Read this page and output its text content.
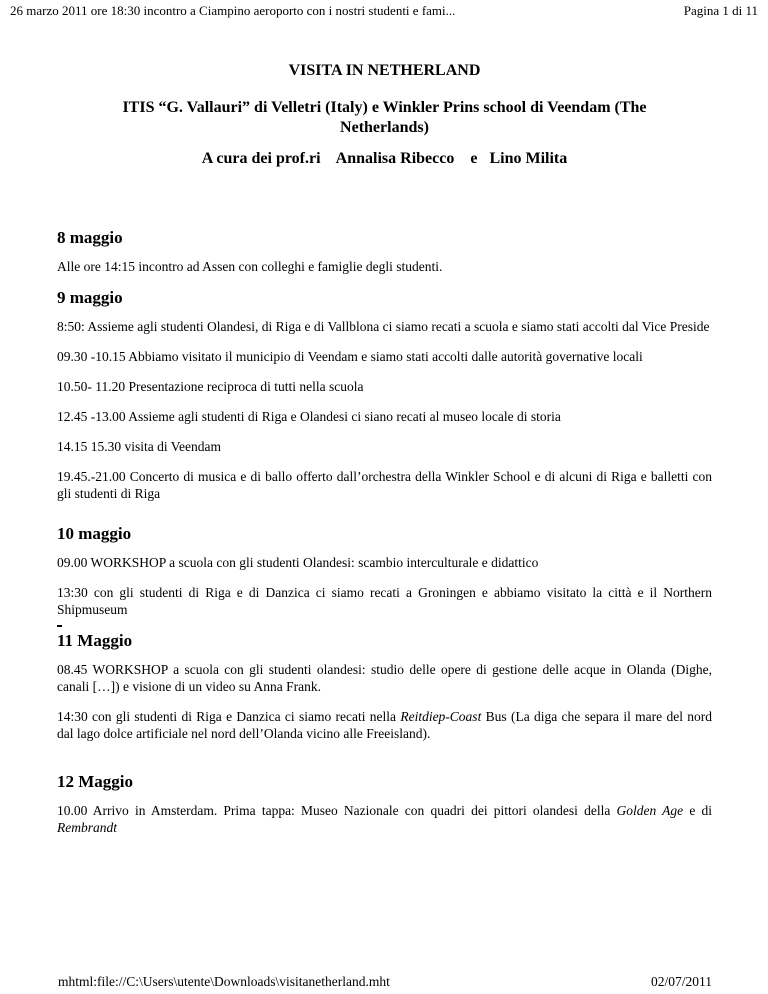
26 marzo 2011 ore 18:30 incontro a Ciampino aeroporto con i nostri studenti e fami...	Pagina 1 di 11
VISITA IN NETHERLAND
ITIS “G. Vallauri” di Velletri (Italy) e Winkler Prins school di Veendam (The
Netherlands)

A cura dei prof.ri    Annalisa Ribecco    e   Lino Milita

8 maggio

Alle ore 14:15 incontro ad Assen con colleghi e famiglie degli studenti.

9 maggio

8:50: Assieme agli studenti Olandesi, di Riga e di Vallblona ci siamo recati a scuola e siamo stati accolti dal Vice Preside

09.30 -10.15 Abbiamo visitato il municipio di Veendam e siamo stati accolti dalle autorità governative locali

10.50- 11.20 Presentazione reciproca di tutti nella scuola

12.45 -13.00 Assieme agli studenti di Riga e Olandesi ci siano recati al museo locale di storia

14.15 15.30 visita di Veendam

19.45.-21.00 Concerto di musica e di ballo offerto dall’orchestra della Winkler School e di alcuni di Riga e balletti con gli studenti di Riga

10 maggio

09.00 WORKSHOP a scuola con gli studenti Olandesi: scambio interculturale e didattico

13:30 con gli studenti di Riga e di Danzica ci siamo recati a Groningen e abbiamo visitato la città e il Northern Shipmuseum

11 Maggio

08.45 WORKSHOP a scuola con gli studenti olandesi: studio delle opere di gestione delle acque in Olanda (Dighe, canali […]) e visione di un video su Anna Frank.

14:30 con gli studenti di Riga e Danzica ci siamo recati nella Reitdiep-Coast Bus (La diga che separa il mare del nord dal lago dolce artificiale nel nord dell’Olanda vicino alle Freeisland).

12 Maggio

10.00 Arrivo in Amsterdam. Prima tappa: Museo Nazionale con quadri dei pittori olandesi della Golden Age e di Rembrandt

mhtml:file://C:\Users\utente\Downloads\visitanetherland.mht	02/07/2011
